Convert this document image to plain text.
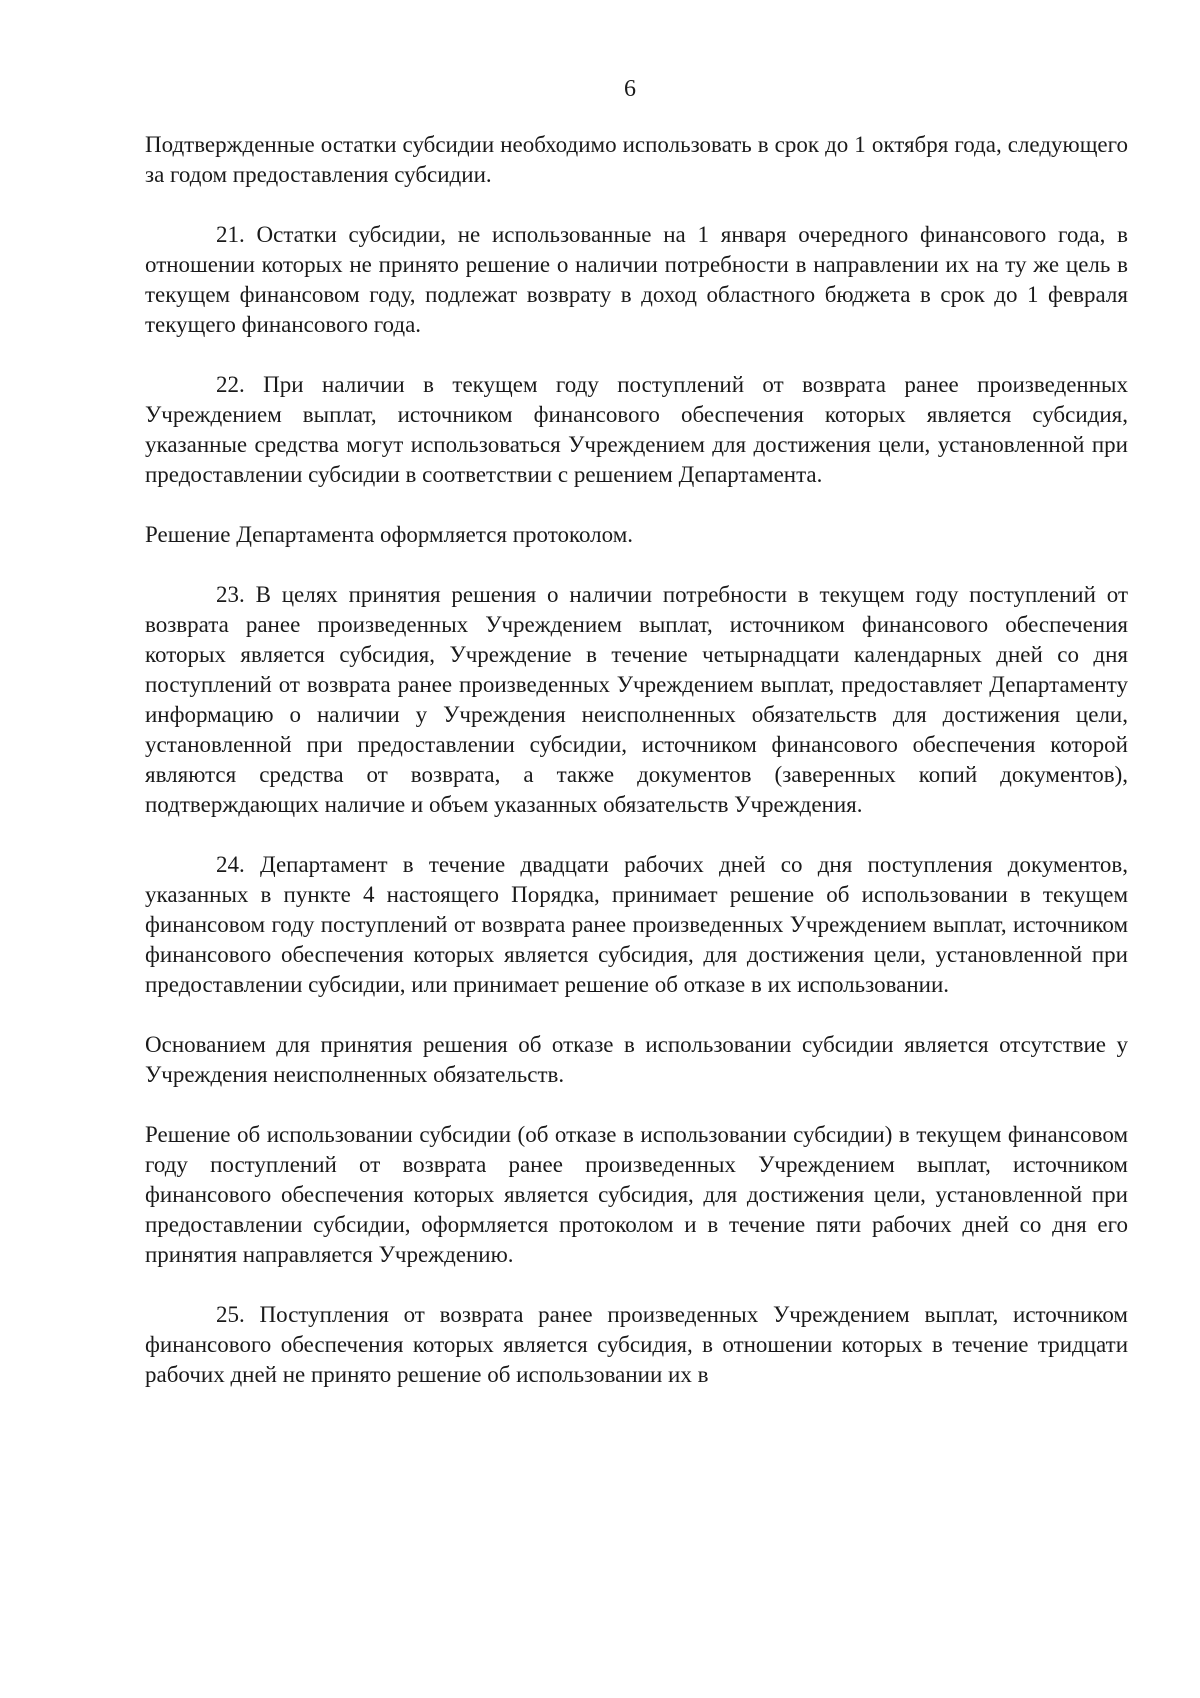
6

Подтвержденные остатки субсидии необходимо использовать в срок до 1 октября года, следующего за годом предоставления субсидии.

21. Остатки субсидии, не использованные на 1 января очередного финансового года, в отношении которых не принято решение о наличии потребности в направлении их на ту же цель в текущем финансовом году, подлежат возврату в доход областного бюджета в срок до 1 февраля текущего финансового года.

22. При наличии в текущем году поступлений от возврата ранее произведенных Учреждением выплат, источником финансового обеспечения которых является субсидия, указанные средства могут использоваться Учреждением для достижения цели, установленной при предоставлении субсидии в соответствии с решением Департамента.

Решение Департамента оформляется протоколом.

23. В целях принятия решения о наличии потребности в текущем году поступлений от возврата ранее произведенных Учреждением выплат, источником финансового обеспечения которых является субсидия, Учреждение в течение четырнадцати календарных дней со дня поступлений от возврата ранее произведенных Учреждением выплат, предоставляет Департаменту информацию о наличии у Учреждения неисполненных обязательств для достижения цели, установленной при предоставлении субсидии, источником финансового обеспечения которой являются средства от возврата, а также документов (заверенных копий документов), подтверждающих наличие и объем указанных обязательств Учреждения.

24. Департамент в течение двадцати рабочих дней со дня поступления документов, указанных в пункте 4 настоящего Порядка, принимает решение об использовании в текущем финансовом году поступлений от возврата ранее произведенных Учреждением выплат, источником финансового обеспечения которых является субсидия, для достижения цели, установленной при предоставлении субсидии, или принимает решение об отказе в их использовании.

Основанием для принятия решения об отказе в использовании субсидии является отсутствие у Учреждения неисполненных обязательств.

Решение об использовании субсидии (об отказе в использовании субсидии) в текущем финансовом году поступлений от возврата ранее произведенных Учреждением выплат, источником финансового обеспечения которых является субсидия, для достижения цели, установленной при предоставлении субсидии, оформляется протоколом и в течение пяти рабочих дней со дня его принятия направляется Учреждению.

25. Поступления от возврата ранее произведенных Учреждением выплат, источником финансового обеспечения которых является субсидия, в отношении которых в течение тридцати рабочих дней не принято решение об использовании их в
